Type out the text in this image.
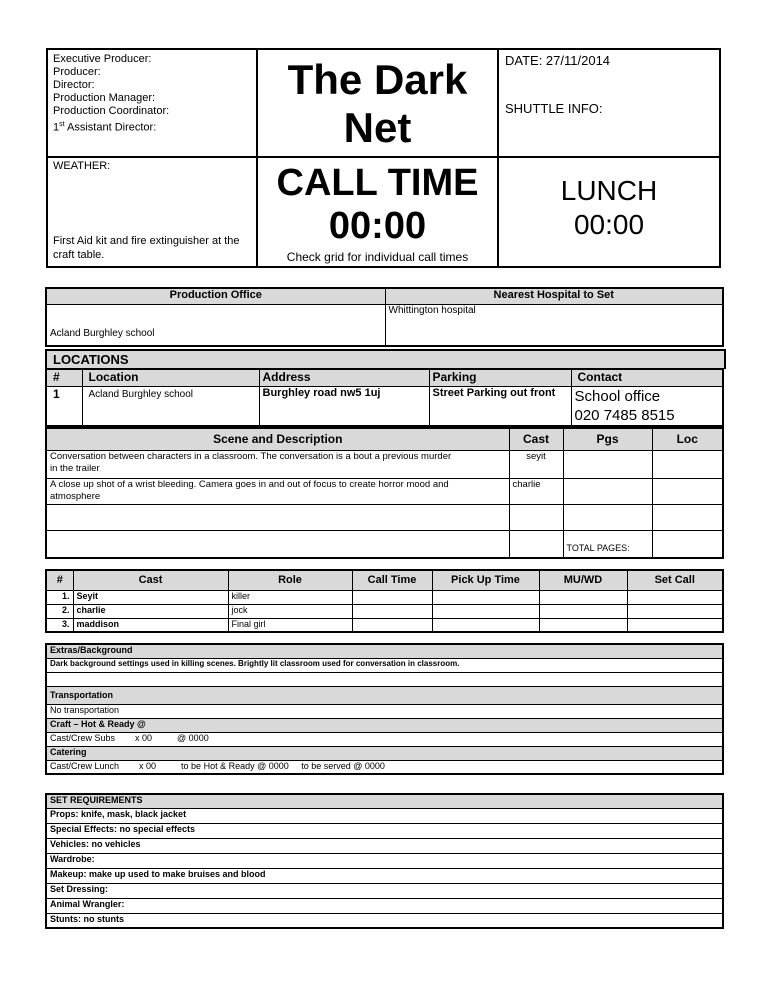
Executive Producer:
Producer:
Director:
Production Manager:
Production Coordinator:
1st Assistant Director:
The Dark
Net
DATE: 27/11/2014
SHUTTLE INFO:
WEATHER:
First Aid kit and fire extinguisher at the craft table.
CALL TIME
00:00
Check grid for individual call times
LUNCH
00:00
Production Office	Nearest Hospital to Set
Acland Burghley school	Whittington hospital
LOCATIONS
#	Location	Address	Parking	Contact
1	Acland Burghley school	Burghley road nw5 1uj	Street Parking out front	School office
020 7485 8515
Scene and Description	Cast	Pgs	Loc

Conversation between characters in a classroom. The conversation is a bout a previous murder
in the trailer	seyit		

A close up shot of a wrist bleeding. Camera goes in and out of focus to create horror mood and
atmosphere	charlie		

		TOTAL PAGES:	
#	Cast	Role	Call Time	Pick Up Time	MU/WD	Set Call
1.	Seyit	killer				
2.	charlie	jock				
3.	maddison	Final girl				
Extras/Background
Dark background settings used in killing scenes. Brightly lit classroom used for conversation in classroom.

Transportation
No transportation
Craft – Hot & Ready @
Cast/Crew Subs        x 00          @ 0000
Catering
Cast/Crew Lunch        x 00          to be Hot & Ready @ 0000     to be served @ 0000
SET REQUIREMENTS
Props: knife, mask, black jacket
Special Effects: no special effects
Vehicles: no vehicles
Wardrobe:
Makeup: make up used to make bruises and blood
Set Dressing:
Animal Wrangler:
Stunts: no stunts
